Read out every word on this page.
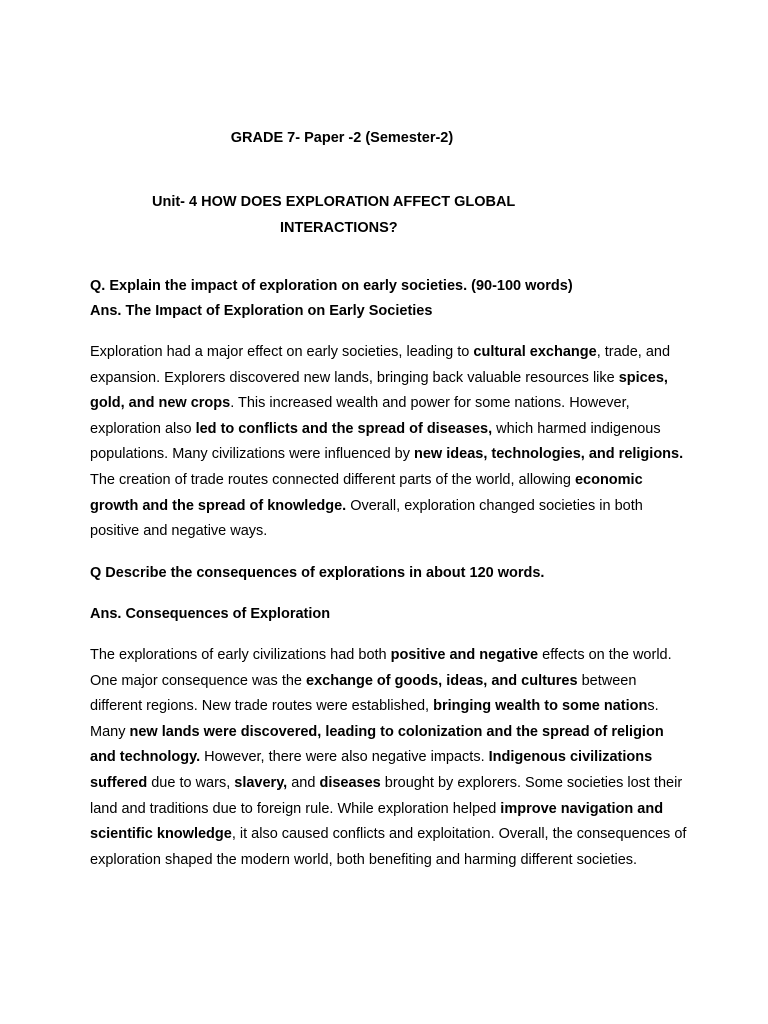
GRADE 7- Paper -2 (Semester-2)
Unit- 4 HOW DOES EXPLORATION AFFECT GLOBAL
INTERACTIONS?
Q. Explain the impact of exploration on early societies. (90-100 words)
Ans. The Impact of Exploration on Early Societies
Exploration had a major effect on early societies, leading to cultural exchange, trade, and expansion. Explorers discovered new lands, bringing back valuable resources like spices, gold, and new crops. This increased wealth and power for some nations. However, exploration also led to conflicts and the spread of diseases, which harmed indigenous populations. Many civilizations were influenced by new ideas, technologies, and religions. The creation of trade routes connected different parts of the world, allowing economic growth and the spread of knowledge. Overall, exploration changed societies in both positive and negative ways.
Q Describe the consequences of explorations in about 120 words.
Ans. Consequences of Exploration
The explorations of early civilizations had both positive and negative effects on the world. One major consequence was the exchange of goods, ideas, and cultures between different regions. New trade routes were established, bringing wealth to some nations. Many new lands were discovered, leading to colonization and the spread of religion and technology. However, there were also negative impacts. Indigenous civilizations suffered due to wars, slavery, and diseases brought by explorers. Some societies lost their land and traditions due to foreign rule. While exploration helped improve navigation and scientific knowledge, it also caused conflicts and exploitation. Overall, the consequences of exploration shaped the modern world, both benefiting and harming different societies.
